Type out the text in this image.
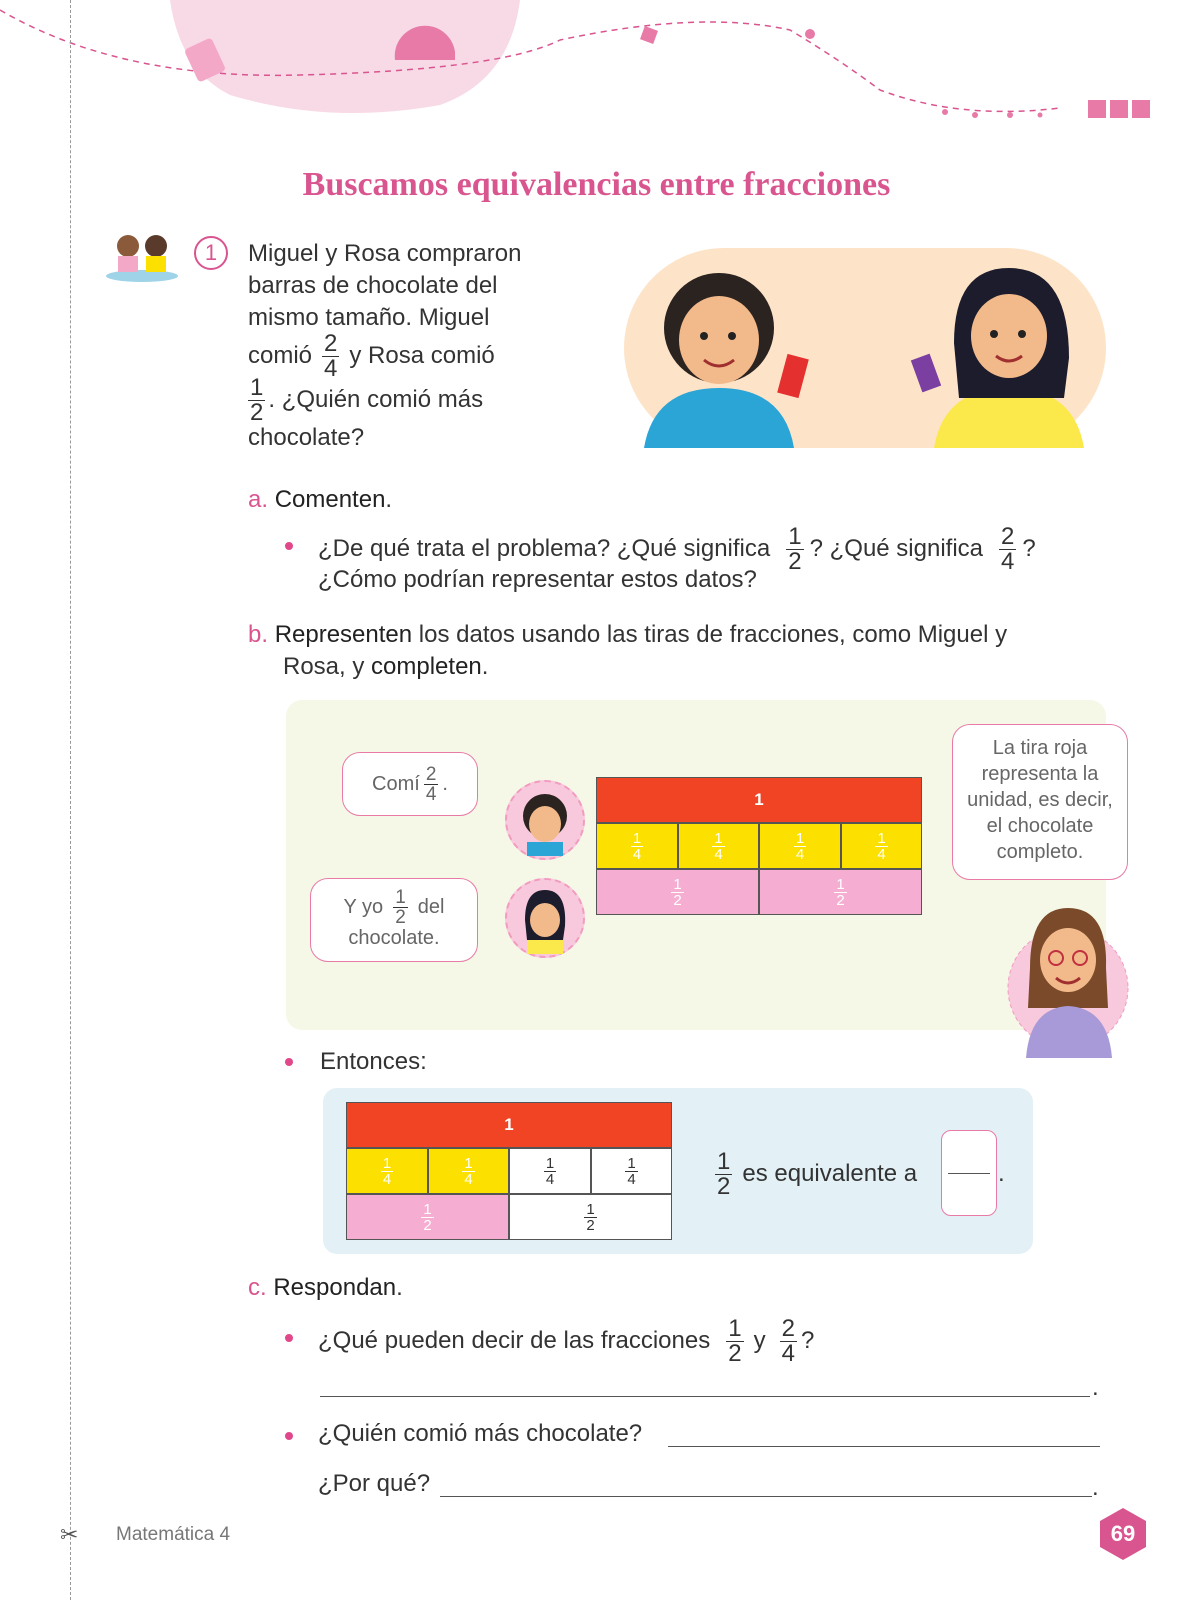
✂
Buscamos equivalencias entre fracciones
1	Miguel y Rosa compraron
barras de chocolate del
mismo tamaño. Miguel
comió $\frac{2}{4}$ y Rosa comió
$\frac{1}{2}$ . ¿Quién comió más
chocolate?
a. Comenten.
¿De qué trata el problema? ¿Qué significa $\frac{1}{2}$ ? ¿Qué significa $\frac{2}{4}$ ?
¿Cómo podrían representar estos datos?
b. Representen los datos usando las tiras de fracciones, como Miguel y
Rosa, y completen.
Comí $\frac{2}{4}$ .
Y yo $\frac{1}{2}$ del
chocolate.
1
$\frac{1}{4}$	$\frac{1}{4}$	$\frac{1}{4}$	$\frac{1}{4}$
$\frac{1}{2}$	$\frac{1}{2}$
La tira roja
representa la
unidad, es decir,
el chocolate
completo.
Entonces:
1
$\frac{1}{4}$	$\frac{1}{4}$	$\frac{1}{4}$	$\frac{1}{4}$
$\frac{1}{2}$	$\frac{1}{2}$
$\frac{1}{2}$ es equivalente a	.
c. Respondan.
¿Qué pueden decir de las fracciones $\frac{1}{2}$ y $\frac{2}{4}$ ?
.
¿Quién comió más chocolate?
¿Por qué?	.
Matemática 4	69
